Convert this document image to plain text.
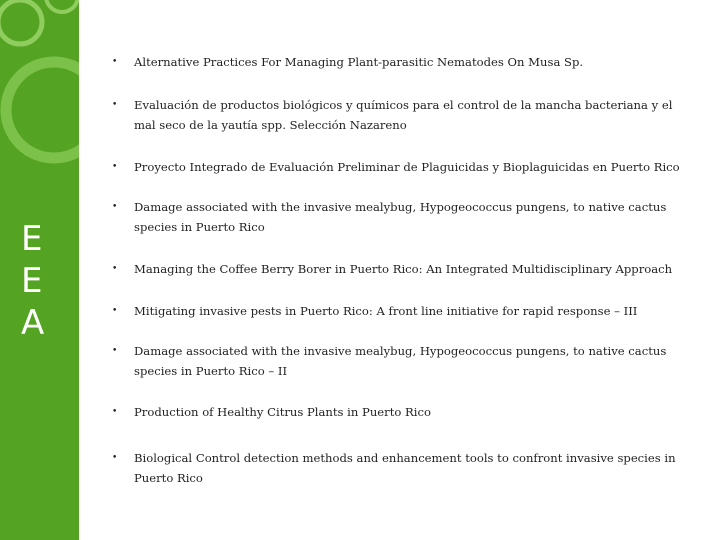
E
E
A
•	Alternative Practices For Managing Plant-parasitic Nematodes On Musa Sp.
•	Evaluación de productos biológicos y químicos para el control de la mancha bacteriana y el mal seco de la yautía spp. Selección Nazareno
•	Proyecto Integrado de Evaluación Preliminar de Plaguicidas y Bioplaguicidas en Puerto Rico
•	Damage associated with the invasive mealybug, Hypogeococcus pungens, to native cactus species in Puerto Rico
•	Managing the Coffee Berry Borer in Puerto Rico: An Integrated Multidisciplinary Approach
•	Mitigating invasive pests in Puerto Rico: A front line initiative for rapid response – III
•	Damage associated with the invasive mealybug, Hypogeococcus pungens, to native cactus species in Puerto Rico – II
•	Production of Healthy Citrus Plants in Puerto Rico
•	Biological Control detection methods and enhancement tools to confront invasive species in Puerto Rico
